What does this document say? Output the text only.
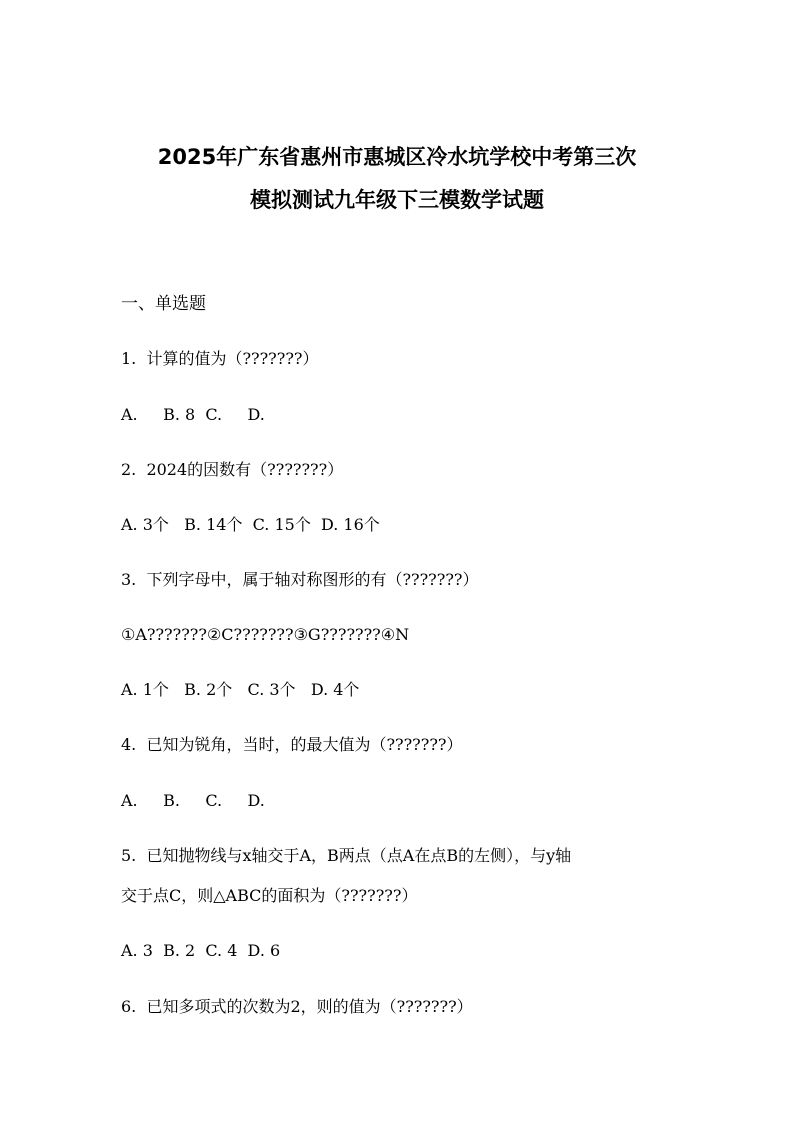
2025年广东省惠州市惠城区冷水坑学校中考第三次
模拟测试九年级下三模数学试题
一、单选题
1.  计算的值为（???????）
A.     B. 8  C.     D.
2.  2024的因数有（???????）
A. 3个   B. 14个  C. 15个  D. 16个
3.  下列字母中，属于轴对称图形的有（???????）
①A???????②C???????③G???????④N
A. 1个   B. 2个   C. 3个   D. 4个
4.  已知为锐角，当时，的最大值为（???????）
A.     B.     C.     D.
5.  已知抛物线与x轴交于A，B两点（点A在点B的左侧），与y轴
交于点C，则△ABC的面积为（???????）
A. 3  B. 2  C. 4  D. 6
6.  已知多项式的次数为2，则的值为（???????）
